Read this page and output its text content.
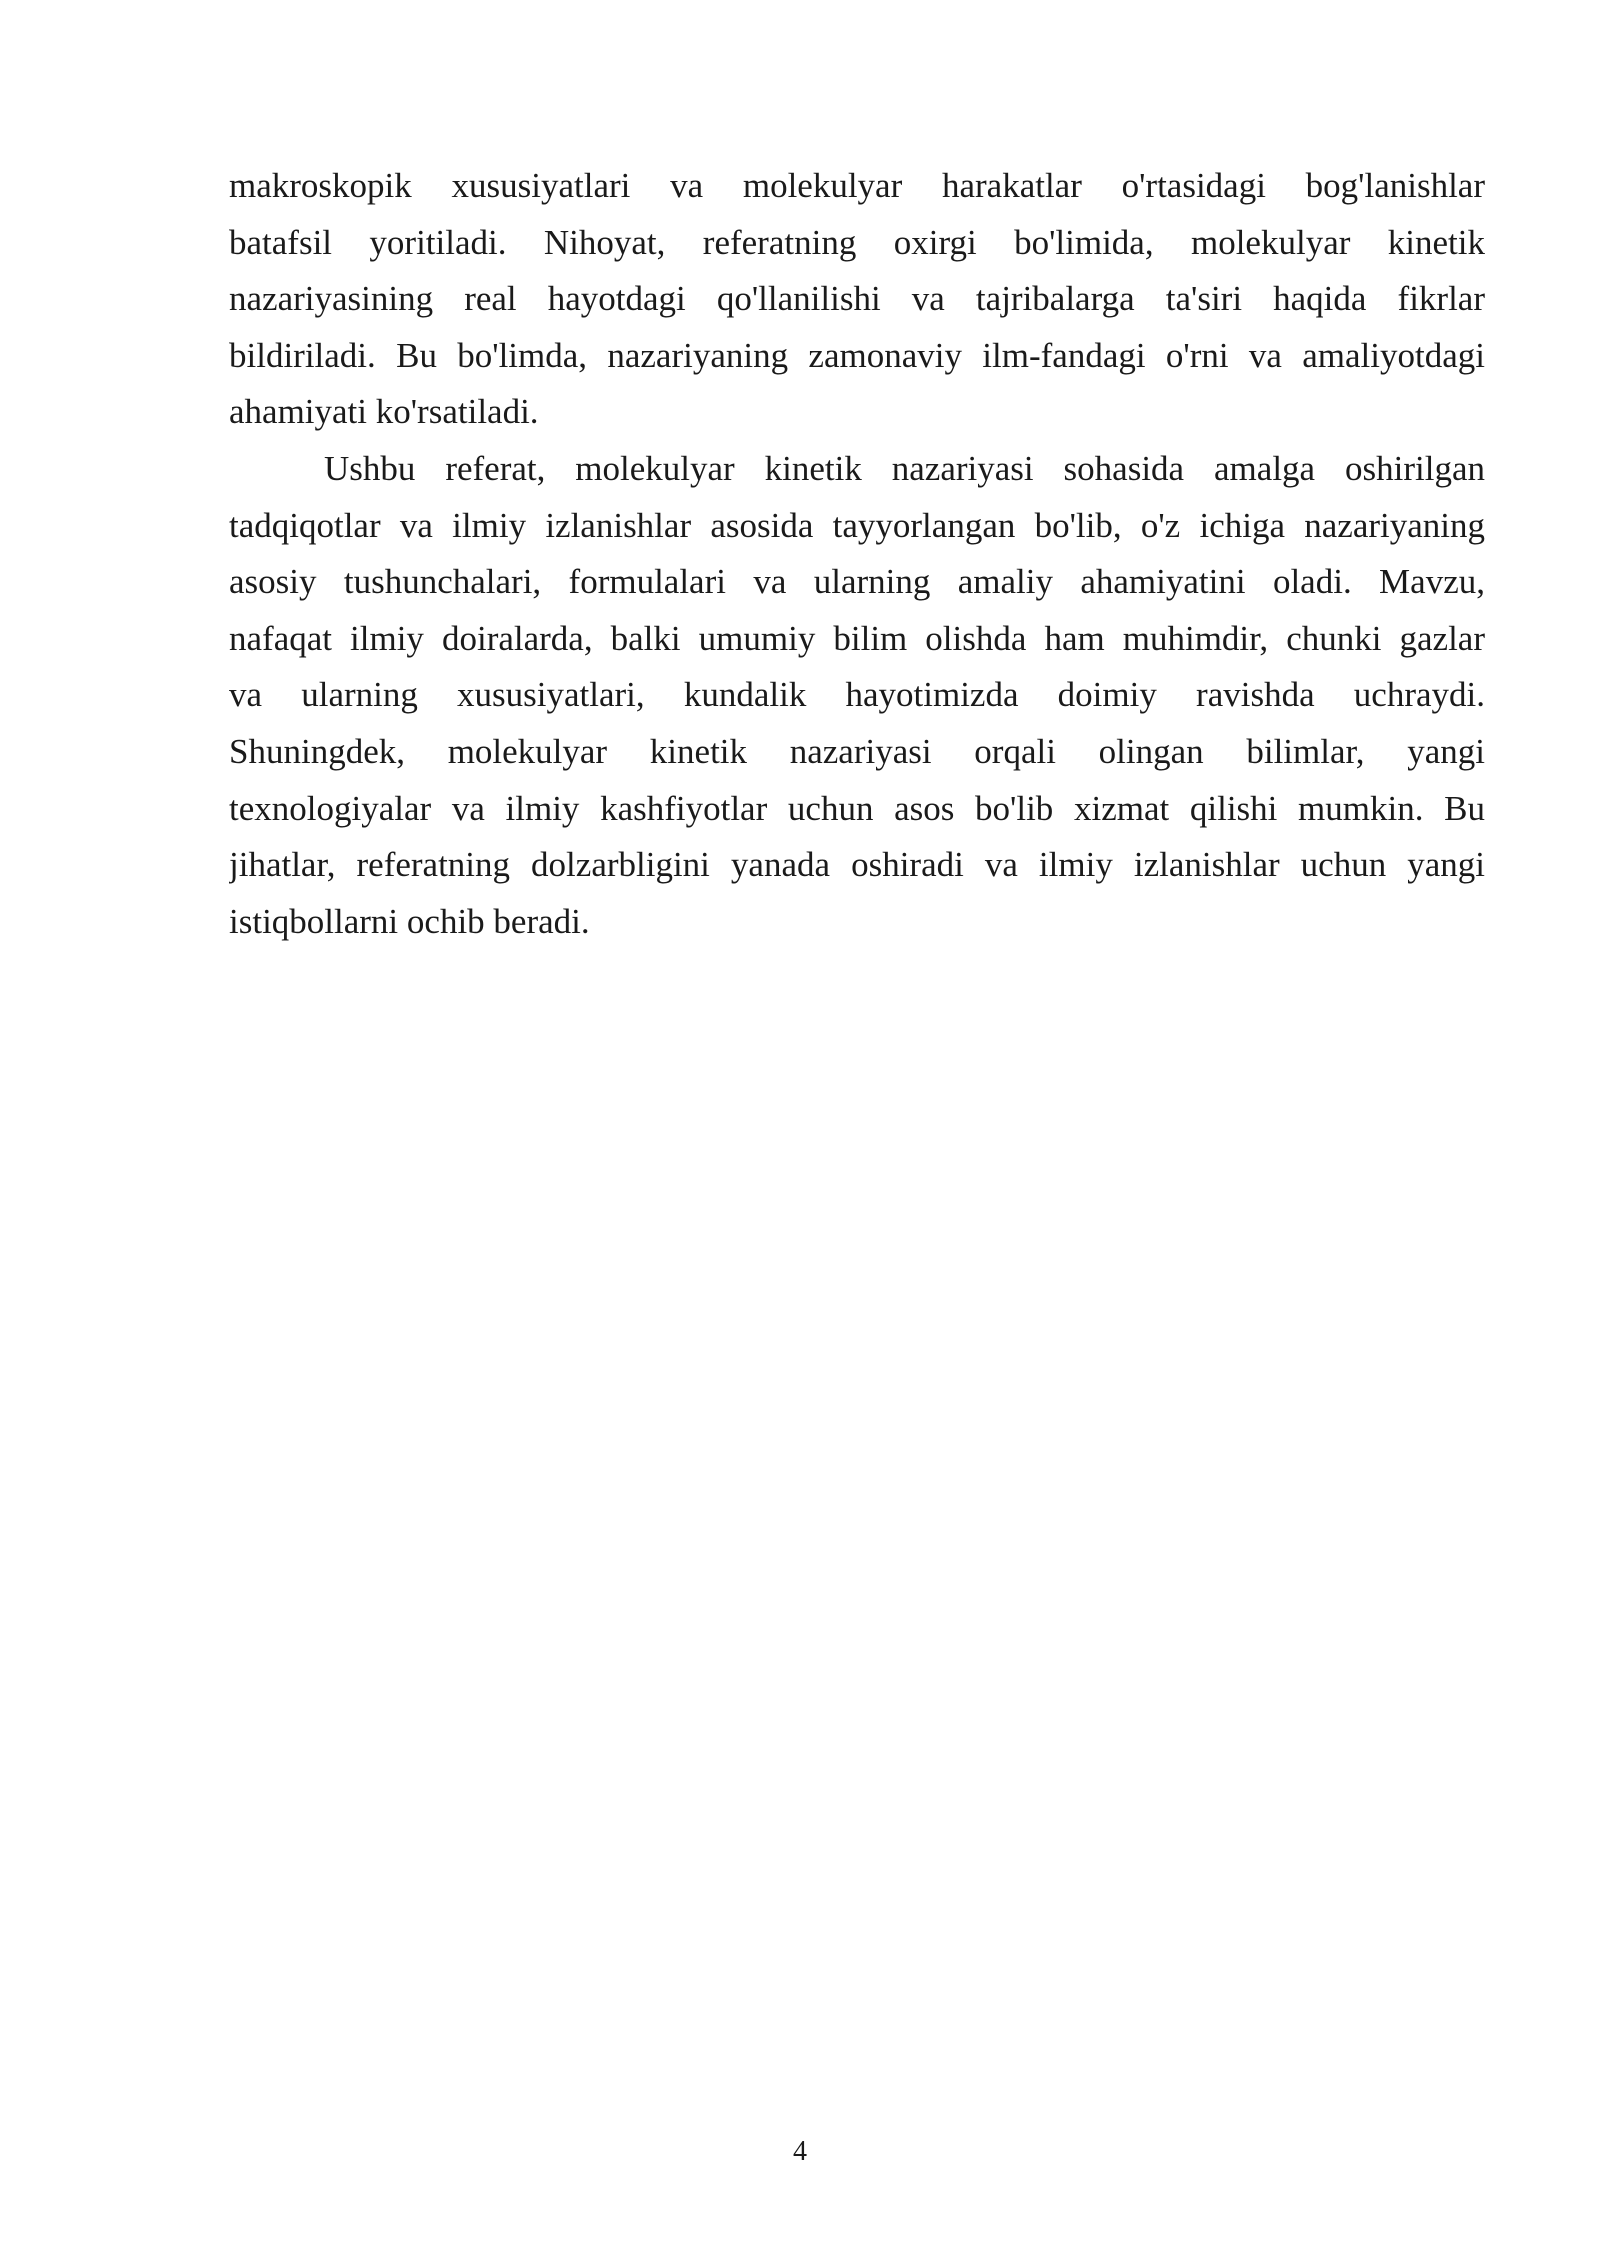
makroskopik xususiyatlari va molekulyar harakatlar o'rtasidagi bog'lanishlar
batafsil yoritiladi. Nihoyat, referatning oxirgi bo'limida, molekulyar kinetik
nazariyasining real hayotdagi qo'llanilishi va tajribalarga ta'siri haqida fikrlar
bildiriladi. Bu bo'limda, nazariyaning zamonaviy ilm-fandagi o'rni va amaliyotdagi
ahamiyati ko'rsatiladi.
Ushbu referat, molekulyar kinetik nazariyasi sohasida amalga oshirilgan
tadqiqotlar va ilmiy izlanishlar asosida tayyorlangan bo'lib, o'z ichiga nazariyaning
asosiy tushunchalari, formulalari va ularning amaliy ahamiyatini oladi. Mavzu,
nafaqat ilmiy doiralarda, balki umumiy bilim olishda ham muhimdir, chunki gazlar
va ularning xususiyatlari, kundalik hayotimizda doimiy ravishda uchraydi.
Shuningdek, molekulyar kinetik nazariyasi orqali olingan bilimlar, yangi
texnologiyalar va ilmiy kashfiyotlar uchun asos bo'lib xizmat qilishi mumkin. Bu
jihatlar, referatning dolzarbligini yanada oshiradi va ilmiy izlanishlar uchun yangi
istiqbollarni ochib beradi.
4
